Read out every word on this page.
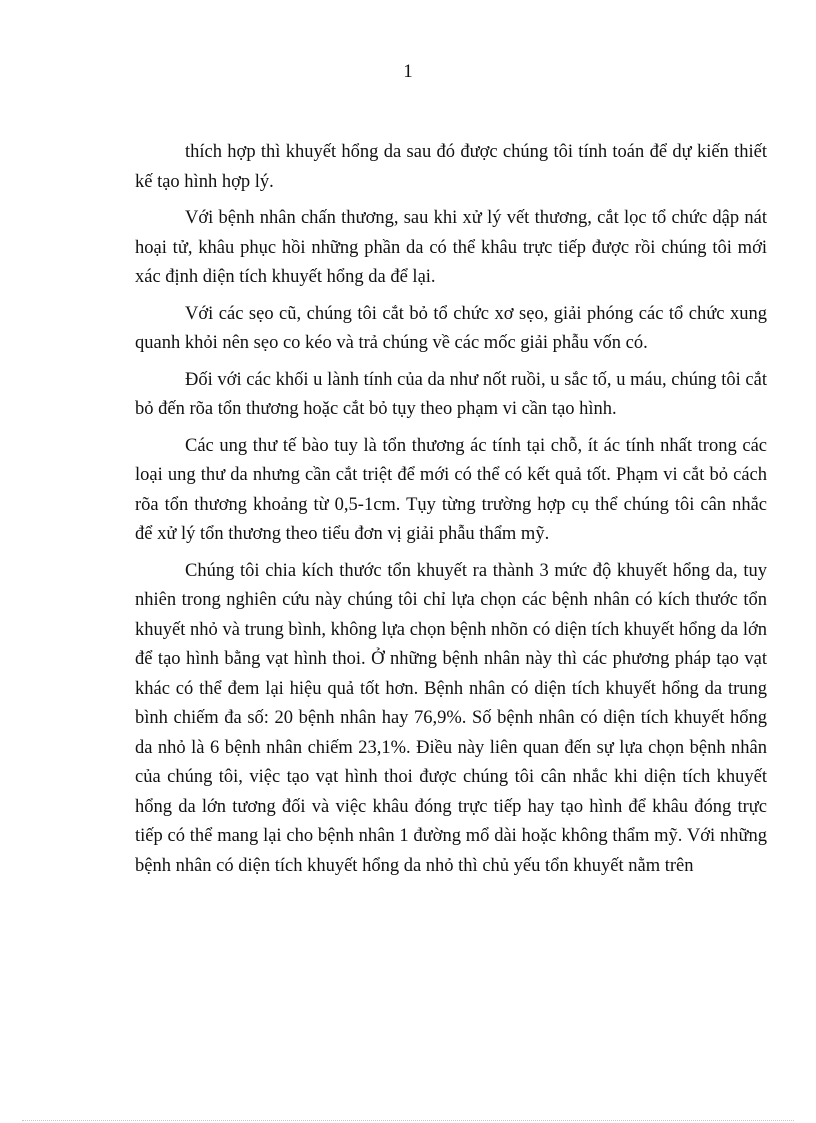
1

thích hợp thì khuyết hổng da sau đó được chúng tôi tính toán để dự kiến thiết kế tạo hình hợp lý.

Với bệnh nhân chấn thương, sau khi xử lý vết thương, cắt lọc tổ chức dập nát hoại tử, khâu phục hồi những phần da có thể khâu trực tiếp được rồi chúng tôi mới xác định diện tích khuyết hổng da để lại.

Với các sẹo cũ, chúng tôi cắt bỏ tổ chức xơ sẹo, giải phóng các tổ chức xung quanh khỏi nên sẹo co kéo và trả chúng về các mốc giải phẫu vốn có.

Đối với các khối u lành tính của da như nốt ruồi, u sắc tố, u máu, chúng tôi cắt bỏ đến rõa tổn thương hoặc cắt bỏ tụy theo phạm vi cần tạo hình.

Các ung thư tế bào tuy là tổn thương ác tính tại chỗ, ít ác tính nhất trong các loại ung thư da nhưng cần cắt triệt để mới có thể có kết quả tốt. Phạm vi cắt bỏ cách rõa tổn thương khoảng từ 0,5-1cm. Tụy từng trường hợp cụ thể chúng tôi cân nhắc để xử lý tổn thương theo tiểu đơn vị giải phẫu thẩm mỹ.

Chúng tôi chia kích thước tổn khuyết ra thành 3 mức độ khuyết hổng da, tuy nhiên trong nghiên cứu này chúng tôi chỉ lựa chọn các bệnh nhân có kích thước tổn khuyết nhỏ và trung bình, không lựa chọn bệnh nhõn có diện tích khuyết hổng da lớn để tạo hình bằng vạt hình thoi. Ở những bệnh nhân này thì các phương pháp tạo vạt khác có thể đem lại hiệu quả tốt hơn. Bệnh nhân có diện tích khuyết hổng da trung bình chiếm đa số: 20 bệnh nhân hay 76,9%. Số bệnh nhân có diện tích khuyết hổng da nhỏ là 6 bệnh nhân chiếm 23,1%. Điều này liên quan đến sự lựa chọn bệnh nhân của chúng tôi, việc tạo vạt hình thoi được chúng tôi cân nhắc khi diện tích khuyết hổng da lớn tương đối và việc khâu đóng trực tiếp hay tạo hình để khâu đóng trực tiếp có thể mang lại cho bệnh nhân 1 đường mổ dài hoặc không thẩm mỹ. Với những bệnh nhân có diện tích khuyết hổng da nhỏ thì chủ yếu tổn khuyết nằm trên
